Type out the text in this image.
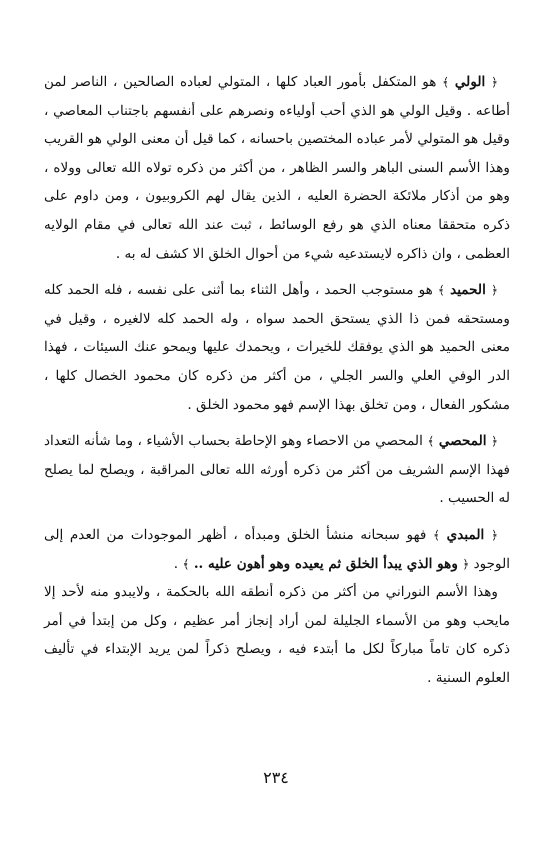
﴿ الولي ﴾ هو المتكفل بأمور العباد كلها ، المتولي لعباده الصالحين ، الناصر لمن أطاعه . وقيل الولي هو الذي أحب أولياءه ونصرهم على أنفسهم باجتناب المعاصي ، وقيل هو المتولي لأمر عباده المختصين باحسانه ، كما قيل أن معنى الولي هو القريب وهذا الأسم السنى الباهر والسر الظاهر ، من أكثر من ذكره تولاه الله تعالى وولاه ، وهو من أذكار ملائكة الحضرة العليه ، الذين يقال لهم الكروبيون ، ومن داوم على ذكره متحققا معناه الذي هو رفع الوسائط ، ثبت عند الله تعالى في مقام الولايه العظمى ، وان ذاكره لايستدعيه شيء من أحوال الخلق الا كشف له به .

﴿ الحميد ﴾ هو مستوجب الحمد ، وأهل الثناء بما أثنى على نفسه ، فله الحمد كله ومستحقه فمن ذا الذي يستحق الحمد سواه ، وله الحمد كله لالغيره ، وقيل في معنى الحميد هو الذي يوفقك للخيرات ، ويحمدك عليها ويمحو عنك السيئات ، فهذا الدر الوفي العلي والسر الجلي ، من أكثر من ذكره كان محمود الخصال كلها ، مشكور الفعال ، ومن تخلق بهذا الإسم فهو محمود الخلق .

﴿ المحصي ﴾ المحصي من الاحصاء وهو الإحاطة بحساب الأشياء ، وما شأنه التعداد فهذا الإسم الشريف من أكثر من ذكره أورثه الله تعالى المراقبة ، ويصلح لما يصلح له الحسيب .

﴿ المبدي ﴾ فهو سبحانه منشأ الخلق ومبدأه ، أظهر الموجودات من العدم إلى الوجود ﴿ وهو الذي يبدأ الخلق ثم يعيده وهو أهون عليه .. ﴾ .

وهذا الأسم النوراني من أكثر من ذكره أنطقه الله بالحكمة ، ولايبدو منه لأحد إلا مايحب وهو من الأسماء الجليلة لمن أراد إنجاز أمر عظيم ، وكل من إبتدأ في أمر ذكره كان تاماً مباركاً لكل ما أبتدء فيه ، ويصلح ذكراً لمن يريد الإبتداء في تأليف العلوم السنية .

٢٣٤
